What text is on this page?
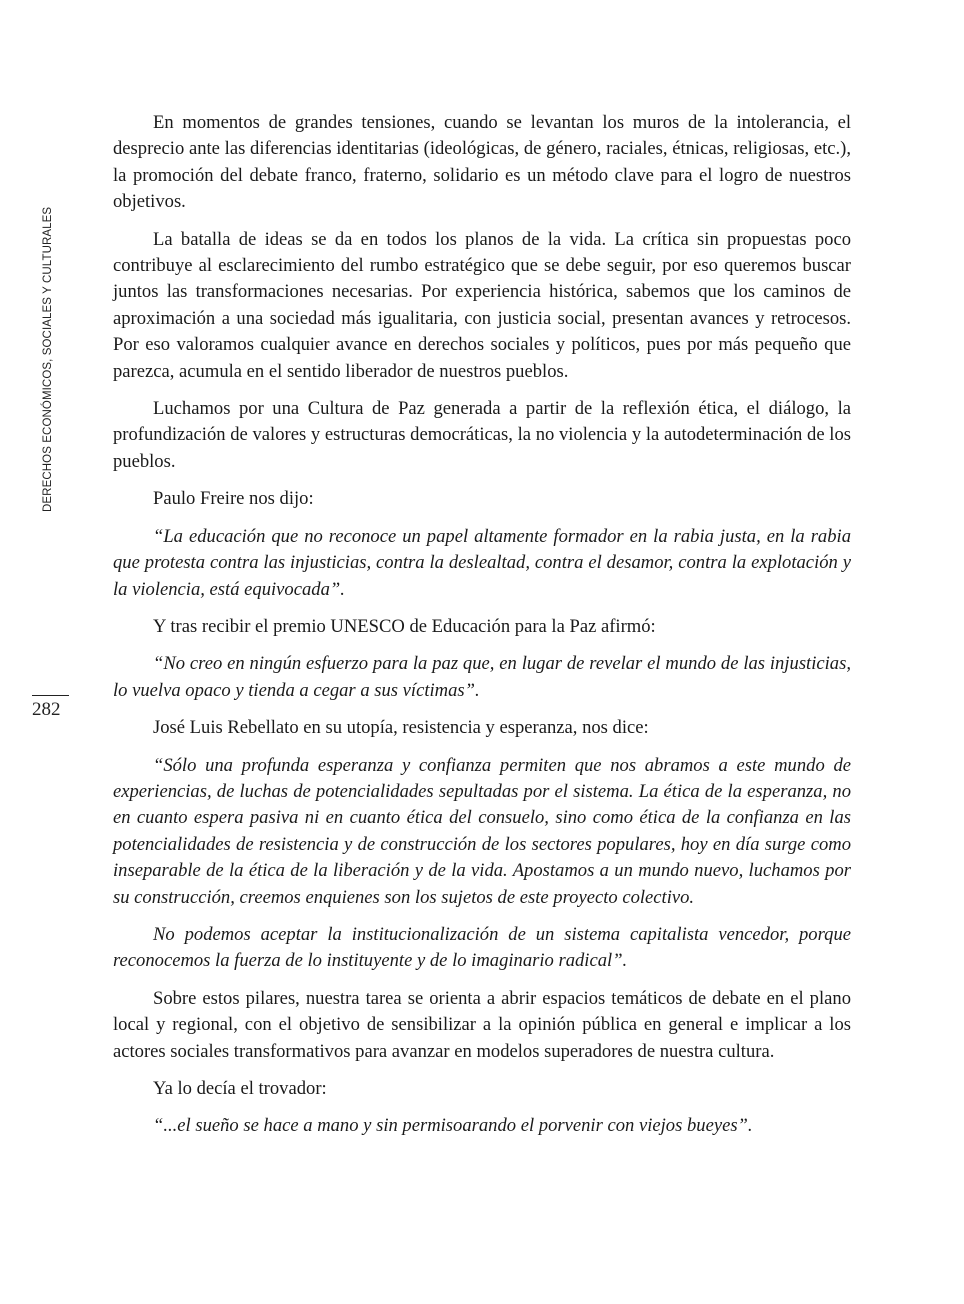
DERECHOS ECONÓMICOS, SOCIALES Y CULTURALES
282

En momentos de grandes tensiones, cuando se levantan los muros de la intolerancia, el desprecio ante las diferencias identitarias (ideológicas, de género, raciales, étnicas, religiosas, etc.), la promoción del debate franco, fraterno, solidario es un método clave para el logro de nuestros objetivos.

La batalla de ideas se da en todos los planos de la vida. La crítica sin propuestas poco contribuye al esclarecimiento del rumbo estratégico que se debe seguir, por eso queremos buscar juntos las transformaciones necesarias. Por experiencia histórica, sabemos que los caminos de aproximación a una sociedad más igualitaria, con justicia social, presentan avances y retrocesos. Por eso valoramos cualquier avance en derechos sociales y políticos, pues por más pequeño que parezca, acumula en el sentido liberador de nuestros pueblos.

Luchamos por una Cultura de Paz generada a partir de la reflexión ética, el diálogo, la profundización de valores y estructuras democráticas, la no violencia y la autodeterminación de los pueblos.

Paulo Freire nos dijo:

“La educación que no reconoce un papel altamente formador en la rabia justa, en la rabia que protesta contra las injusticias, contra la deslealtad, contra el desamor, contra la explotación y la violencia, está equivocada”.

Y tras recibir el premio UNESCO de Educación para la Paz afirmó:

“No creo en ningún esfuerzo para la paz que, en lugar de revelar el mundo de las injusticias, lo vuelva opaco y tienda a cegar a sus víctimas”.

José Luis Rebellato en su utopía, resistencia y esperanza, nos dice:

“Sólo una profunda esperanza y confianza permiten que nos abramos a este mundo de experiencias, de luchas de potencialidades sepultadas por el sistema. La ética de la esperanza, no en cuanto espera pasiva ni en cuanto ética del consuelo, sino como ética de la confianza en las potencialidades de resistencia y de construcción de los sectores populares, hoy en día surge como inseparable de la ética de la liberación y de la vida. Apostamos a un mundo nuevo, luchamos por su construcción, creemos enquienes son los sujetos de este proyecto colectivo.

No podemos aceptar la institucionalización de un sistema capitalista vencedor, porque reconocemos la fuerza de lo instituyente y de lo imaginario radical”.

Sobre estos pilares, nuestra tarea se orienta a abrir espacios temáticos de debate en el plano local y regional, con el objetivo de sensibilizar a la opinión pública en general e implicar a los actores sociales transformativos para avanzar en modelos superadores de nuestra cultura.

Ya lo decía el trovador:

“...el sueño se hace a mano y sin permisoarando el porvenir con viejos bueyes”.
